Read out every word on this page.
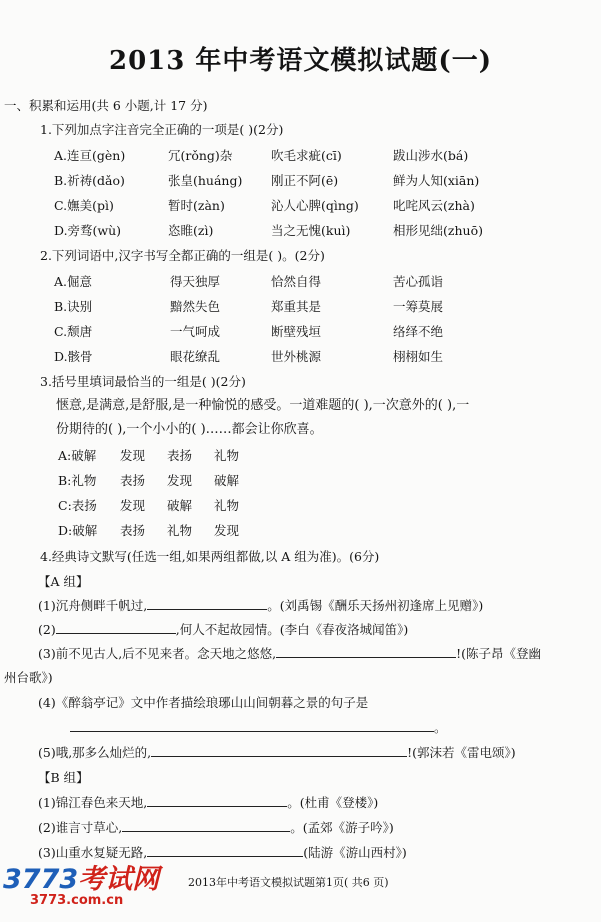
2013 年中考语文模拟试题(一)
一、积累和运用(共 6 小题,计 17 分)
1.下列加点字注音完全正确的一项是( )(2分)
A.连亘(gèn)	冗(rǒng)杂	吹毛求疵(cī)	跋山涉水(bá)
B.祈祷(dǎo)	张皇(huáng) 刚正不阿(ē)	鲜为人知(xiān)
C.嫵美(pì)	暂时(zàn)	沁人心脾(qìng)	叱咤风云(zhà)
D.旁骛(wù)	恣睢(zì)	当之无愧(kuì)	相形见绌(zhuō)
2.下列词语中,汉字书写全都正确的一组是( )。(2分)
A.倔意	得天独厚	恰然自得	苦心孤诣
B.诀别	黯然失色	郑重其是	一筹莫展
C.颓唐	一气呵成	断壁残垣	络绎不绝
D.骸骨	眼花缭乱	世外桃源	栩栩如生
3.括号里填词最恰当的一组是( )(2分)
惬意,是满意,是舒服,是一种愉悦的感受。一道难题的( ),一次意外的( ),一
份期待的( ),一个小小的( )……都会让你欣喜。
A:破解 发现 表扬 礼物
B:礼物 表扬 发现 破解
C:表扬 发现 破解 礼物
D:破解 表扬 礼物 发现
4.经典诗文默写(任选一组,如果两组都做,以 A 组为准)。(6分)
【A 组】
(1)沉舟侧畔千帆过,	。(刘禹锡《酬乐天扬州初逢席上见赠》)
(2)	,何人不起故园情。(李白《春夜洛城闻笛》)
(3)前不见古人,后不见来者。念天地之悠悠,	!(陈子昂《登幽
州台歌》)
(4)《醉翁亭记》文中作者描绘琅琊山山间朝暮之景的句子是
。
(5)哦,那多么灿烂的,	!(郭沫若《雷电颂》)
【B 组】
(1)锦江春色来天地,	。(杜甫《登楼》)
(2)谁言寸草心,	。(孟郊《游子吟》)
(3)山重水复疑无路,	(陆游《游山西村》)
2013年中考语文模拟试题第1页( 共6 页)
3773考试网
3773.com.cn
